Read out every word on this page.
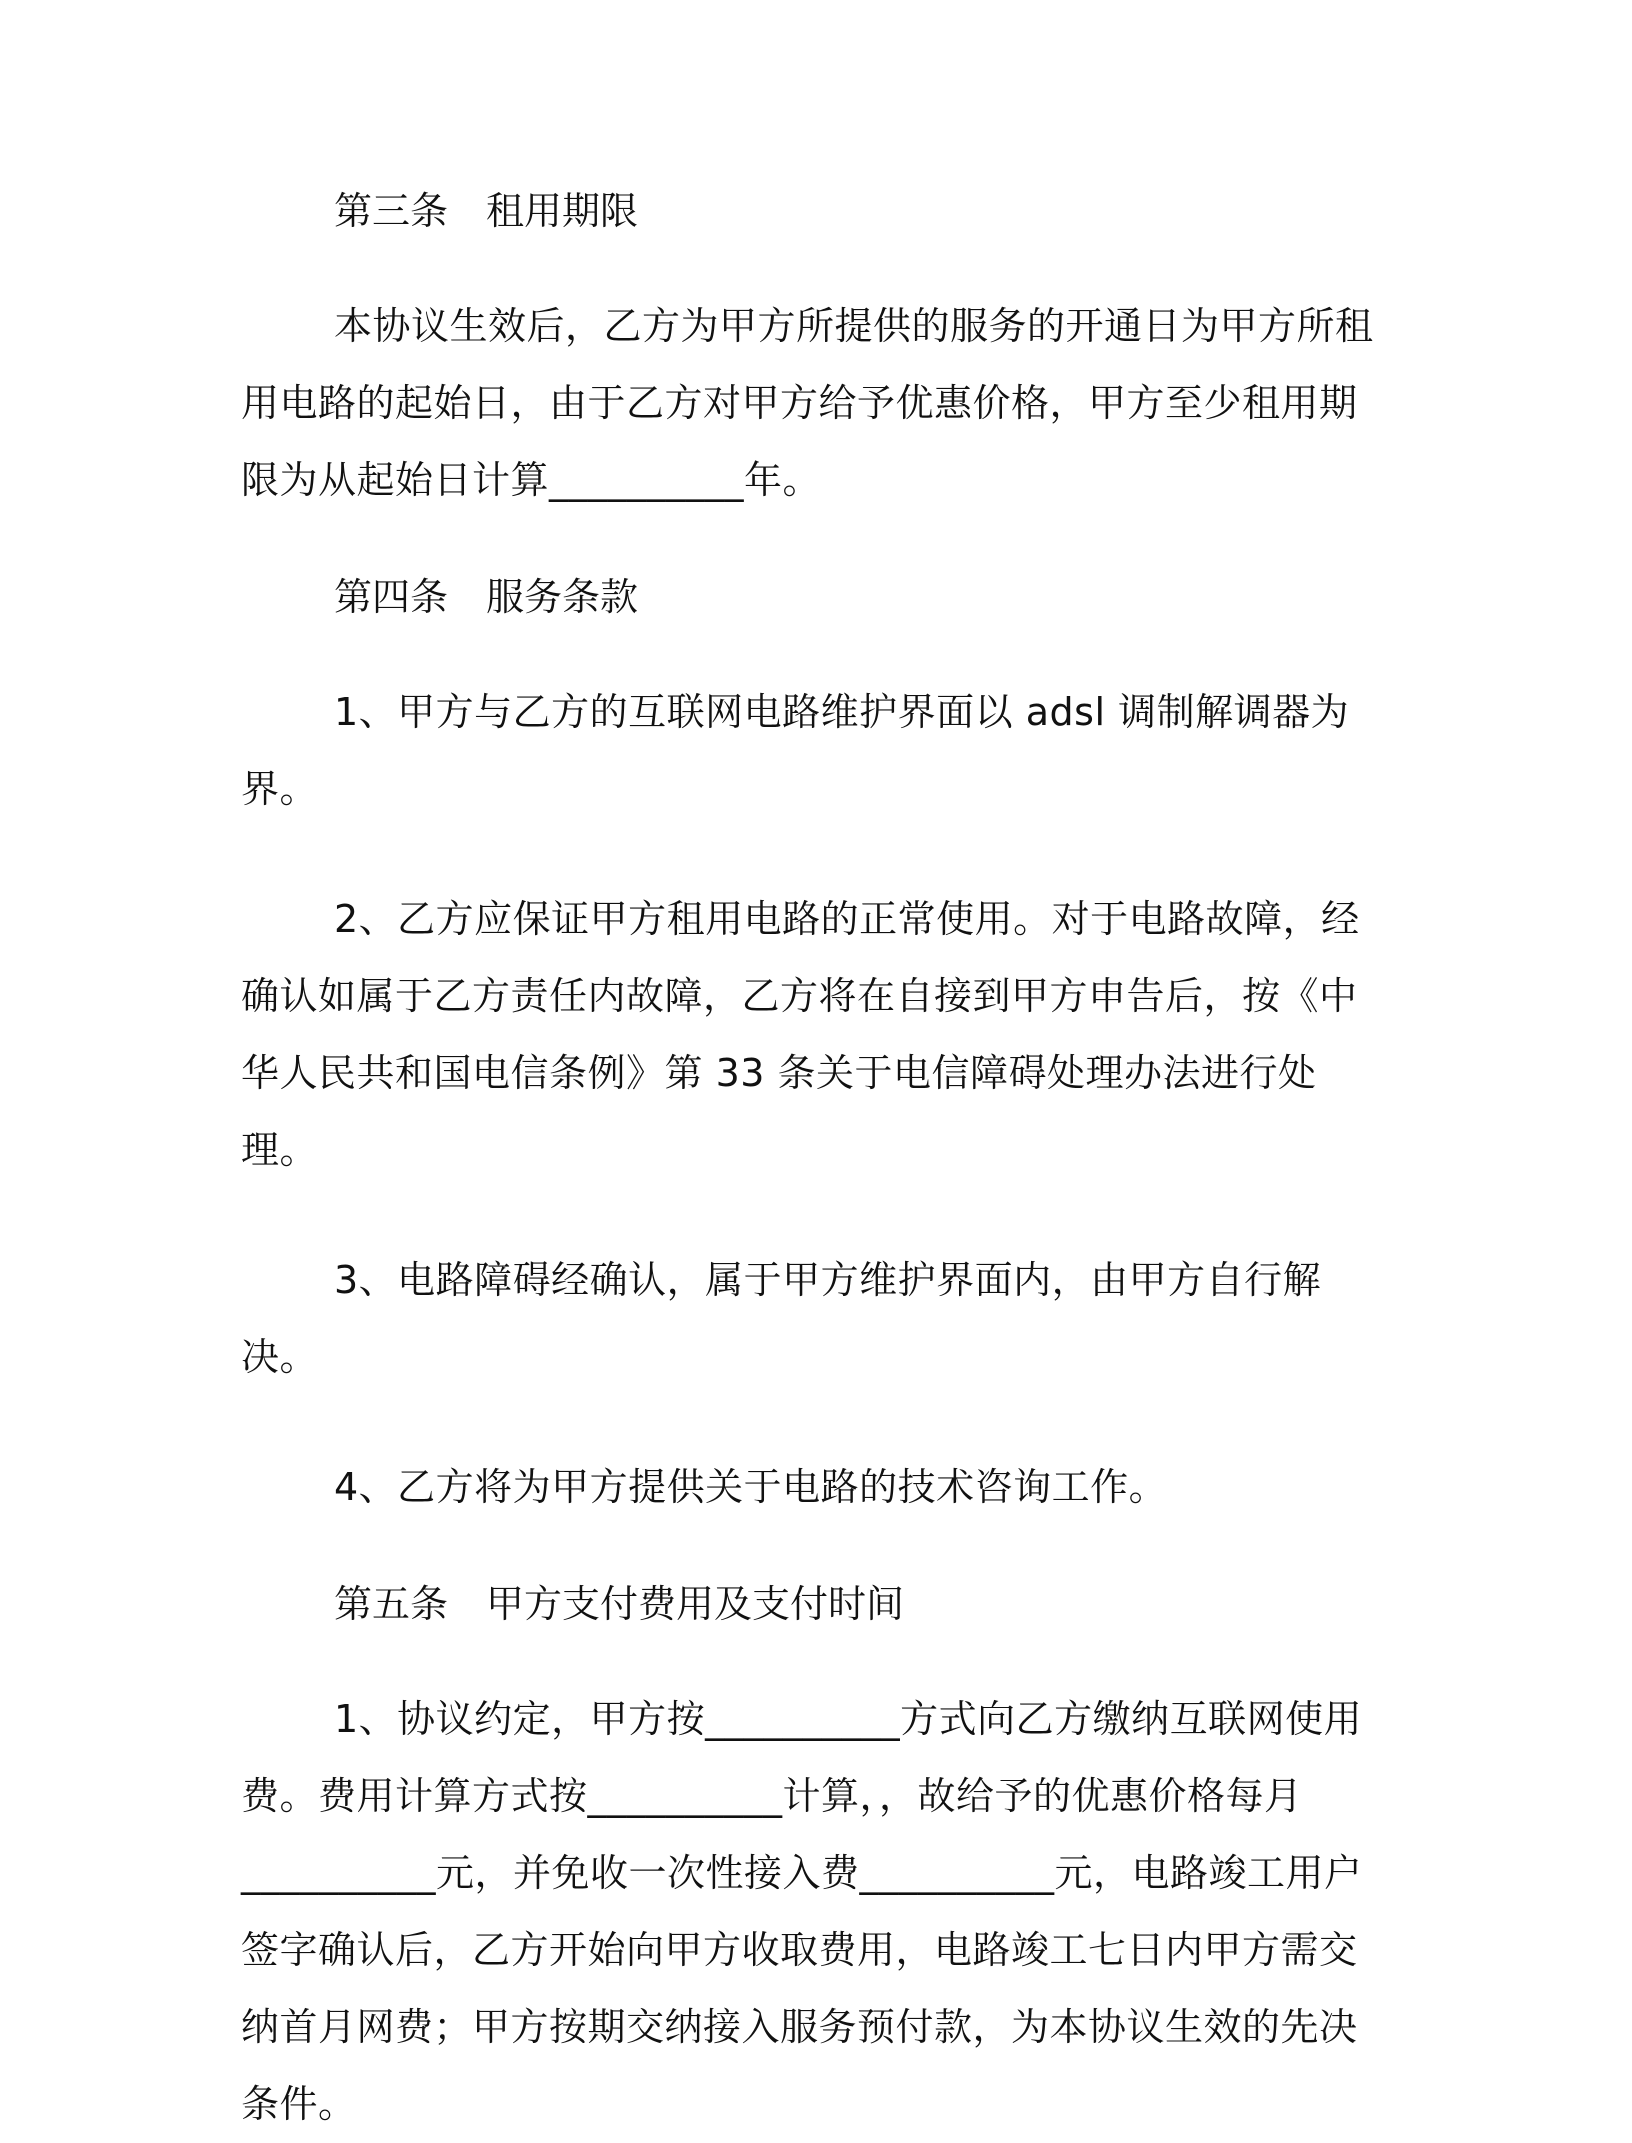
第三条 租用期限

本协议生效后，乙方为甲方所提供的服务的开通日为甲方所租用电路的起始日，由于乙方对甲方给予优惠价格，甲方至少租用期限为从起始日计算__________年。

第四条 服务条款

1、甲方与乙方的互联网电路维护界面以 adsl 调制解调器为界。

2、乙方应保证甲方租用电路的正常使用。对于电路故障，经确认如属于乙方责任内故障，乙方将在自接到甲方申告后，按《中华人民共和国电信条例》第 33 条关于电信障碍处理办法进行处理。

3、电路障碍经确认，属于甲方维护界面内，由甲方自行解决。

4、乙方将为甲方提供关于电路的技术咨询工作。

第五条 甲方支付费用及支付时间

1、协议约定，甲方按__________方式向乙方缴纳互联网使用费。费用计算方式按__________计算，，故给予的优惠价格每月__________元，并免收一次性接入费__________元，电路竣工用户签字确认后，乙方开始向甲方收取费用，电路竣工七日内甲方需交纳首月网费；甲方按期交纳接入服务预付款，为本协议生效的先决条件。
